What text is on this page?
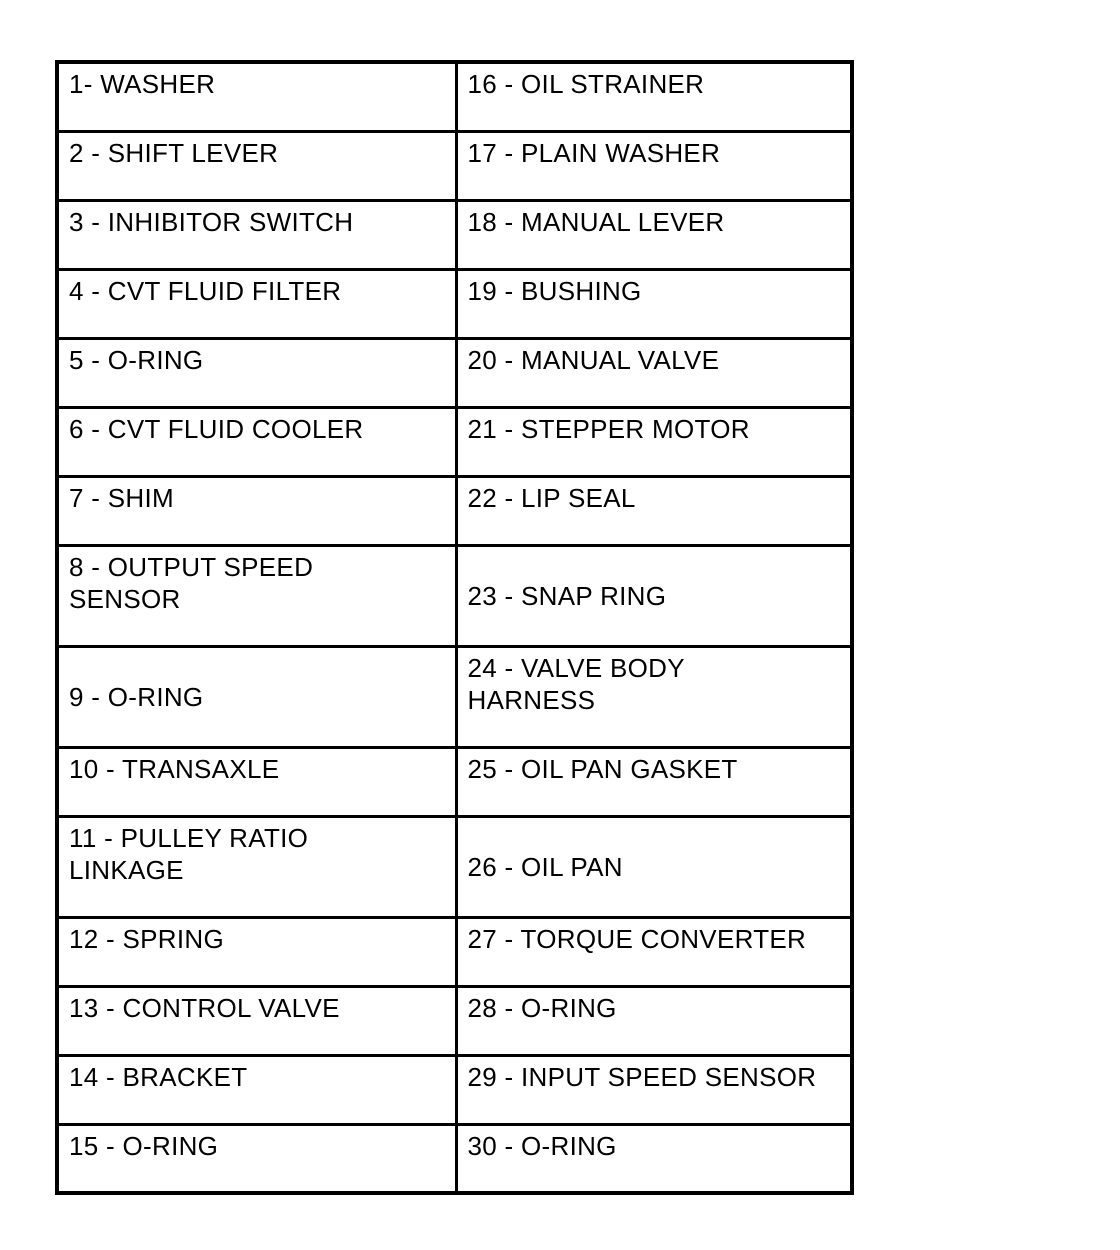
1- WASHER	16 - OIL STRAINER

2 - SHIFT LEVER	17 - PLAIN WASHER

3 - INHIBITOR SWITCH	18 - MANUAL LEVER

4 - CVT FLUID FILTER	19 - BUSHING

5 - O-RING	20 - MANUAL VALVE

6 - CVT FLUID COOLER	21 - STEPPER MOTOR

7 - SHIM	22 - LIP SEAL

8 - OUTPUT SPEED
SENSOR	23 - SNAP RING

9 - O-RING	24 - VALVE BODY
HARNESS

10 - TRANSAXLE	25 - OIL PAN GASKET

11 - PULLEY RATIO
LINKAGE	26 - OIL PAN

12 - SPRING	27 - TORQUE CONVERTER

13 - CONTROL VALVE	28 - O-RING

14 - BRACKET	29 - INPUT SPEED SENSOR

15 - O-RING	30 - O-RING
